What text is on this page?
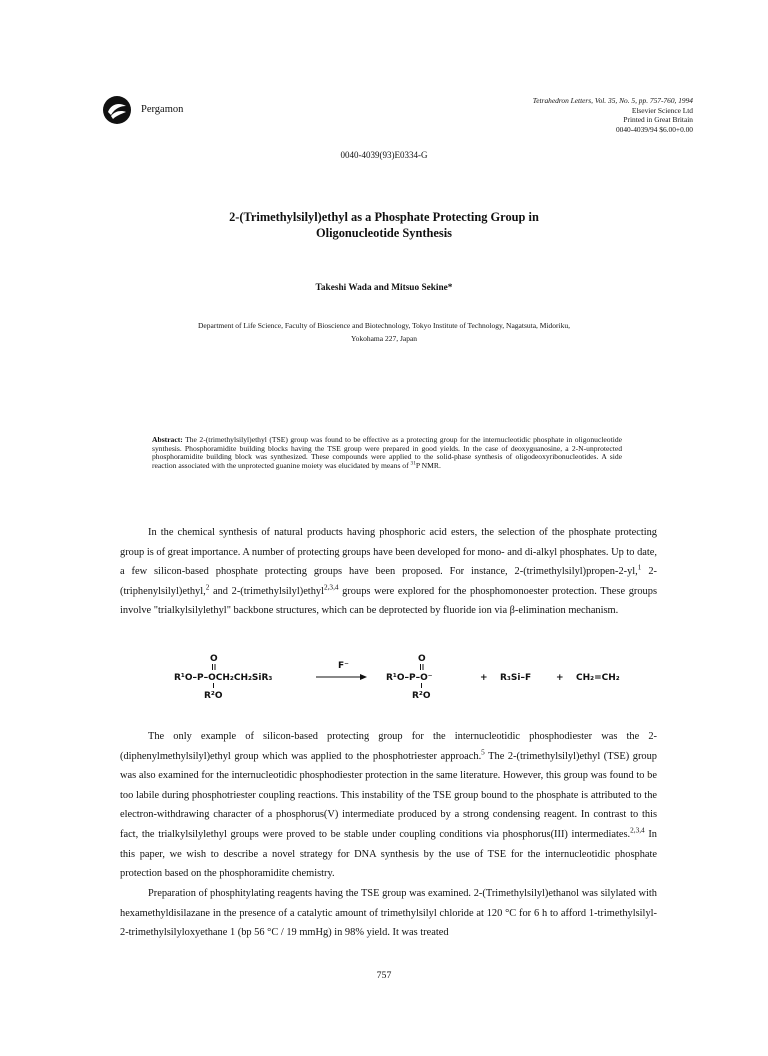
Pergamon
Tetrahedron Letters, Vol. 35, No. 5, pp. 757-760, 1994
Elsevier Science Ltd
Printed in Great Britain
0040-4039/94 $6.00+0.00
0040-4039(93)E0334-G
2-(Trimethylsilyl)ethyl as a Phosphate Protecting Group in
Oligonucleotide Synthesis
Takeshi Wada and Mitsuo Sekine*
Department of Life Science, Faculty of Bioscience and Biotechnology, Tokyo Institute of Technology, Nagatsuta, Midoriku,
Yokohama 227, Japan
Abstract: The 2-(trimethylsilyl)ethyl (TSE) group was found to be effective as a protecting group for the internucleotidic phosphate in oligonucleotide synthesis. Phosphoramidite building blocks having the TSE group were prepared in good yields. In the case of deoxyguanosine, a 2-N-unprotected phosphoramidite building block was synthesized. These compounds were applied to the solid-phase synthesis of oligodeoxyribonucleotides. A side reaction associated with the unprotected guanine moiety was elucidated by means of $^{31}$P NMR.

In the chemical synthesis of natural products having phosphoric acid esters, the selection of the phosphate protecting group is of great importance. A number of protecting groups have been developed for mono- and di-alkyl phosphates. Up to date, a few silicon-based phosphate protecting groups have been proposed. For instance, 2-(trimethylsilyl)propen-2-yl,$^1$ 2-(triphenylsilyl)ethyl,$^2$ and 2-(trimethylsilyl)ethyl$^{2,3,4}$ groups were explored for the phosphomonoester protection. These groups involve "trialkylsilylethyl" backbone structures, which can be deprotected by fluoride ion via β-elimination mechanism.

O
R¹O–P–OCH₂CH₂SiR₃
R²O
F⁻
O
R¹O–P–O⁻
R²O
+ R₃Si–F	+ CH₂=CH₂

The only example of silicon-based protecting group for the internucleotidic phosphodiester was the 2-(diphenylmethylsilyl)ethyl group which was applied to the phosphotriester approach.$^5$ The 2-(trimethylsilyl)ethyl (TSE) group was also examined for the internucleotidic phosphodiester protection in the same literature. However, this group was found to be too labile during phosphotriester coupling reactions. This instability of the TSE group bound to the phosphate is attributed to the electron-withdrawing character of a phosphorus(V) intermediate produced by a strong condensing reagent. In contrast to this fact, the trialkylsilylethyl groups were proved to be stable under coupling conditions via phosphorus(III) intermediates.$^{2,3,4}$ In this paper, we wish to describe a novel strategy for DNA synthesis by the use of TSE for the internucleotidic phosphate protection based on the phosphoramidite chemistry.

Preparation of phosphitylating reagents having the TSE group was examined. 2-(Trimethylsilyl)ethanol was silylated with hexamethyldisilazane in the presence of a catalytic amount of trimethylsilyl chloride at 120 °C for 6 h to afford 1-trimethylsilyl-2-trimethylsilyloxyethane 1 (bp 56 °C / 19 mmHg) in 98% yield. It was treated

757
